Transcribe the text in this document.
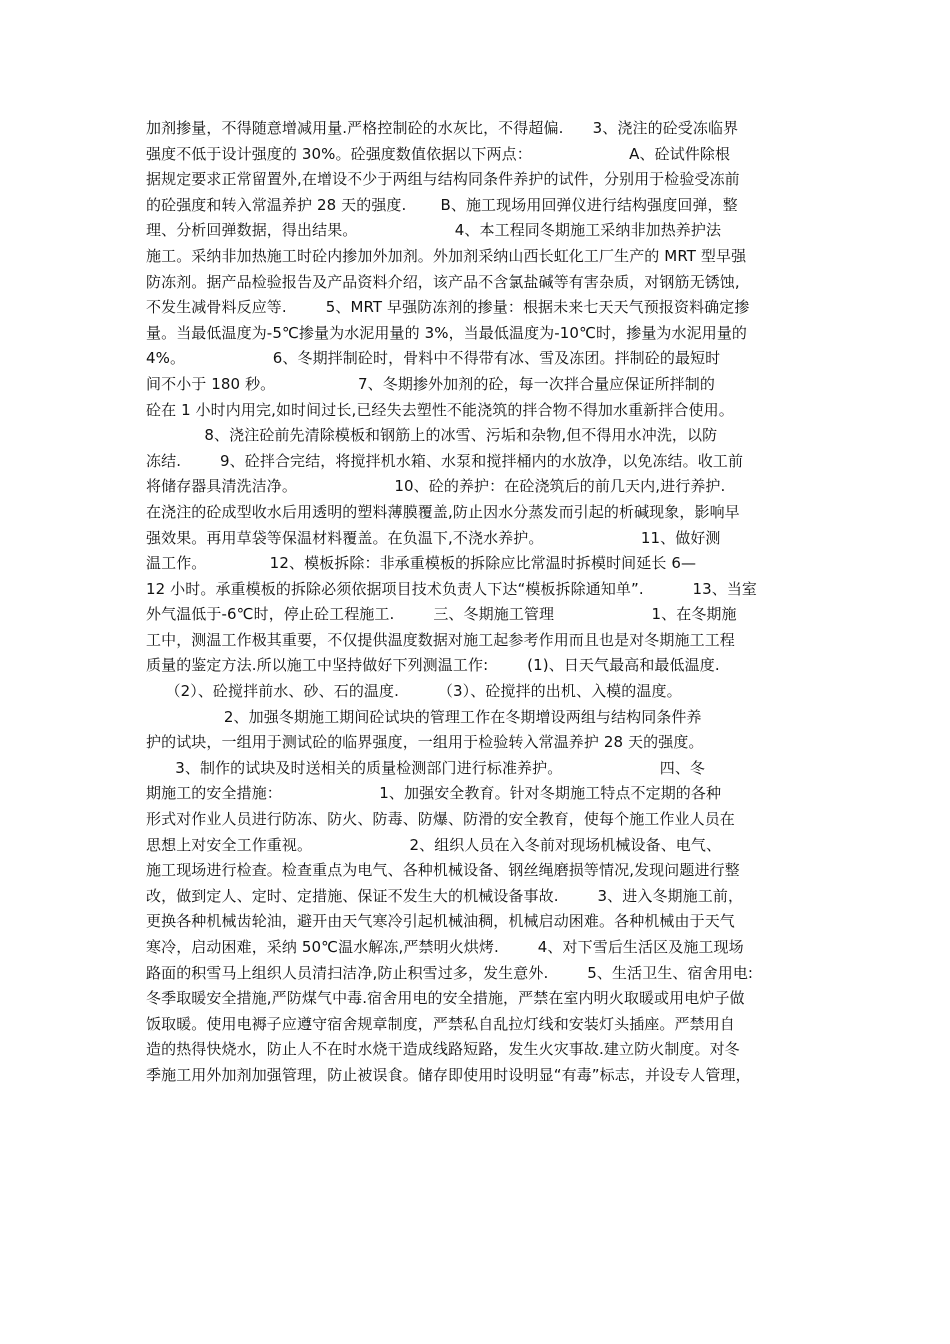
加剂掺量，不得随意增减用量.严格控制砼的水灰比，不得超偏.      3、浇注的砼受冻临界
强度不低于设计强度的 30%。砼强度数值依据以下两点：                    A、砼试件除根
据规定要求正常留置外,在增设不少于两组与结构同条件养护的试件，分别用于检验受冻前
的砼强度和转入常温养护 28 天的强度.       B、施工现场用回弹仪进行结构强度回弹，整
理、分析回弹数据，得出结果。                    4、本工程同冬期施工采纳非加热养护法
施工。采纳非加热施工时砼内掺加外加剂。外加剂采纳山西长虹化工厂生产的 MRT 型早强
防冻剂。据产品检验报告及产品资料介绍，该产品不含氯盐碱等有害杂质，对钢筋无锈蚀,
不发生减骨料反应等.        5、MRT 早强防冻剂的掺量：根据未来七天天气预报资料确定掺
量。当最低温度为-5℃掺量为水泥用量的 3%，当最低温度为-10℃时，掺量为水泥用量的
4%。                  6、冬期拌制砼时，骨料中不得带有冰、雪及冻团。拌制砼的最短时
间不小于 180 秒。                 7、冬期掺外加剂的砼，每一次拌合量应保证所拌制的
砼在 1 小时内用完,如时间过长,已经失去塑性不能浇筑的拌合物不得加水重新拌合使用。
8、浇注砼前先清除模板和钢筋上的冰雪、污垢和杂物,但不得用水冲洗，以防
冻结.        9、砼拌合完结，将搅拌机水箱、水泵和搅拌桶内的水放净，以免冻结。收工前
将储存器具清洗洁净。                    10、砼的养护：在砼浇筑后的前几天内,进行养护.
在浇注的砼成型收水后用透明的塑料薄膜覆盖,防止因水分蒸发而引起的析碱现象，影响早
强效果。再用草袋等保温材料覆盖。在负温下,不浇水养护。                    11、做好测
温工作。             12、模板拆除：非承重模板的拆除应比常温时拆模时间延长 6—
12 小时。承重模板的拆除必须依据项目技术负责人下达“模板拆除通知单”.          13、当室
外气温低于-6℃时，停止砼工程施工.        三、冬期施工管理                    1、在冬期施
工中，测温工作极其重要，不仅提供温度数据对施工起参考作用而且也是对冬期施工工程
质量的鉴定方法.所以施工中坚持做好下列测温工作:        (1)、日天气最高和最低温度.
（2）、砼搅拌前水、砂、石的温度.        （3）、砼搅拌的出机、入模的温度。
2、加强冬期施工期间砼试块的管理工作在冬期增设两组与结构同条件养
护的试块，一组用于测试砼的临界强度，一组用于检验转入常温养护 28 天的强度。
3、制作的试块及时送相关的质量检测部门进行标准养护。                    四、冬
期施工的安全措施：                    1、加强安全教育。针对冬期施工特点不定期的各种
形式对作业人员进行防冻、防火、防毒、防爆、防滑的安全教育，使每个施工作业人员在
思想上对安全工作重视。                    2、组织人员在入冬前对现场机械设备、电气、
施工现场进行检查。检查重点为电气、各种机械设备、钢丝绳磨损等情况,发现问题进行整
改，做到定人、定时、定措施、保证不发生大的机械设备事故.        3、进入冬期施工前，
更换各种机械齿轮油，避开由天气寒冷引起机械油稠，机械启动困难。各种机械由于天气
寒冷，启动困难，采纳 50℃温水解冻,严禁明火烘烤.        4、对下雪后生活区及施工现场
路面的积雪马上组织人员清扫洁净,防止积雪过多，发生意外.        5、生活卫生、宿舍用电:
冬季取暖安全措施,严防煤气中毒.宿舍用电的安全措施，严禁在室内明火取暖或用电炉子做
饭取暖。使用电褥子应遵守宿舍规章制度，严禁私自乱拉灯线和安装灯头插座。严禁用自
造的热得快烧水，防止人不在时水烧干造成线路短路，发生火灾事故.建立防火制度。对冬
季施工用外加剂加强管理，防止被误食。储存即使用时设明显“有毒”标志，并设专人管理，
